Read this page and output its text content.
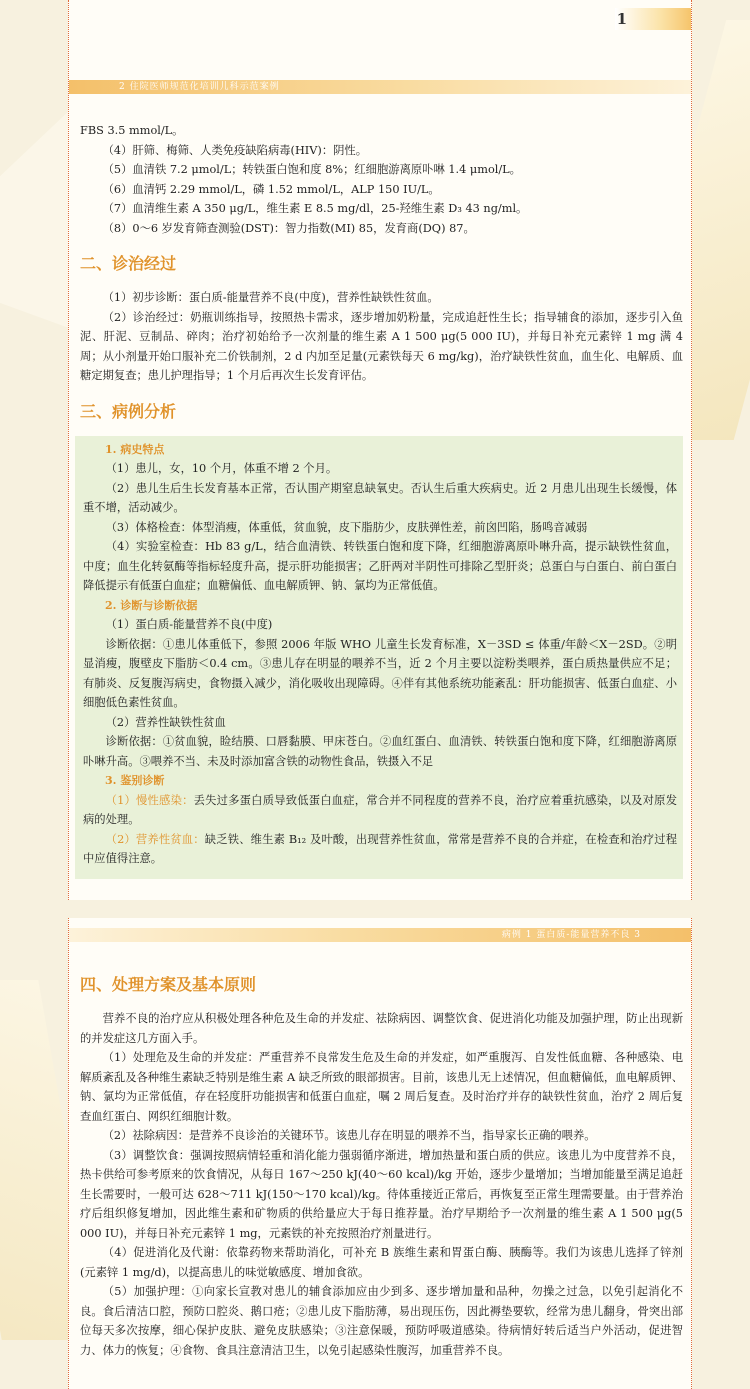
1
2 住院医师规范化培训儿科示范案例

FBS 3.5 mmol/L。

（4）肝筛、梅筛、人类免疫缺陷病毒(HIV)：阴性。

（5）血清铁 7.2 μmol/L；转铁蛋白饱和度 8%；红细胞游离原卟啉 1.4 μmol/L。

（6）血清钙 2.29 mmol/L，磷 1.52 mmol/L，ALP 150 IU/L。

（7）血清维生素 A 350 μg/L，维生素 E 8.5 mg/dl，25-羟维生素 D₃ 43 ng/ml。

（8）0～6 岁发育筛查测验(DST)：智力指数(MI) 85，发育商(DQ) 87。

二、诊治经过

（1）初步诊断：蛋白质-能量营养不良(中度)，营养性缺铁性贫血。

（2）诊治经过：奶瓶训练指导，按照热卡需求，逐步增加奶粉量，完成追赶性生长；指导辅食的添加，逐步引入鱼泥、肝泥、豆制品、碎肉；治疗初始给予一次剂量的维生素 A 1 500 μg(5 000 IU)，并每日补充元素锌 1 mg 满 4 周；从小剂量开始口服补充二价铁制剂，2 d 内加至足量(元素铁每天 6 mg/kg)，治疗缺铁性贫血，血生化、电解质、血糖定期复查；患儿护理指导；1 个月后再次生长发育评估。

三、病例分析

1. 病史特点

（1）患儿，女，10 个月，体重不增 2 个月。

（2）患儿生后生长发育基本正常，否认围产期窒息缺氧史。否认生后重大疾病史。近 2 月患儿出现生长缓慢，体重不增，活动减少。

（3）体格检查：体型消瘦，体重低，贫血貌，皮下脂肪少，皮肤弹性差，前囟凹陷，肠鸣音减弱

（4）实验室检查：Hb 83 g/L，结合血清铁、转铁蛋白饱和度下降，红细胞游离原卟啉升高，提示缺铁性贫血，中度；血生化转氨酶等指标轻度升高，提示肝功能损害；乙肝两对半阴性可排除乙型肝炎；总蛋白与白蛋白、前白蛋白降低提示有低蛋白血症；血糖偏低、血电解质钾、钠、氯均为正常低值。

2. 诊断与诊断依据

（1）蛋白质-能量营养不良(中度)

诊断依据：①患儿体重低下，参照 2006 年版 WHO 儿童生长发育标准，X－3SD ≤ 体重/年龄＜X－2SD。②明显消瘦，腹壁皮下脂肪＜0.4 cm。③患儿存在明显的喂养不当，近 2 个月主要以淀粉类喂养，蛋白质热量供应不足；有肺炎、反复腹泻病史，食物摄入减少，消化吸收出现障碍。④伴有其他系统功能紊乱：肝功能损害、低蛋白血症、小细胞低色素性贫血。

（2）营养性缺铁性贫血

诊断依据：①贫血貌，睑结膜、口唇黏膜、甲床苍白。②血红蛋白、血清铁、转铁蛋白饱和度下降，红细胞游离原卟啉升高。③喂养不当、未及时添加富含铁的动物性食品，铁摄入不足

3. 鉴别诊断

（1）慢性感染：丢失过多蛋白质导致低蛋白血症，常合并不同程度的营养不良，治疗应着重抗感染，以及对原发病的处理。

（2）营养性贫血：缺乏铁、维生素 B₁₂ 及叶酸，出现营养性贫血，常常是营养不良的合并症，在检查和治疗过程中应值得注意。

病例 1 蛋白质-能量营养不良 3
四、处理方案及基本原则

营养不良的治疗应从积极处理各种危及生命的并发症、祛除病因、调整饮食、促进消化功能及加强护理，防止出现新的并发症这几方面入手。

（1）处理危及生命的并发症：严重营养不良常发生危及生命的并发症，如严重腹泻、自发性低血糖、各种感染、电解质紊乱及各种维生素缺乏特别是维生素 A 缺乏所致的眼部损害。目前，该患儿无上述情况，但血糖偏低，血电解质钾、钠、氯均为正常低值，存在轻度肝功能损害和低蛋白血症，嘱 2 周后复查。及时治疗并存的缺铁性贫血，治疗 2 周后复查血红蛋白、网织红细胞计数。

（2）祛除病因：是营养不良诊治的关键环节。该患儿存在明显的喂养不当，指导家长正确的喂养。

（3）调整饮食：强调按照病情轻重和消化能力强弱循序渐进，增加热量和蛋白质的供应。该患儿为中度营养不良，热卡供给可参考原来的饮食情况，从每日 167～250 kJ(40～60 kcal)/kg 开始，逐步少量增加；当增加能量至满足追赶生长需要时，一般可达 628～711 kJ(150～170 kcal)/kg。待体重接近正常后，再恢复至正常生理需要量。由于营养治疗后组织修复增加，因此维生素和矿物质的供给量应大于每日推荐量。治疗早期给予一次剂量的维生素 A 1 500 μg(5 000 IU)，并每日补充元素锌 1 mg，元素铁的补充按照治疗剂量进行。

（4）促进消化及代谢：依靠药物来帮助消化，可补充 B 族维生素和胃蛋白酶、胰酶等。我们为该患儿选择了锌剂(元素锌 1 mg/d)，以提高患儿的味觉敏感度、增加食欲。

（5）加强护理：①向家长宣教对患儿的辅食添加应由少到多、逐步增加量和品种，勿操之过急，以免引起消化不良。食后清洁口腔，预防口腔炎、鹅口疮；②患儿皮下脂肪薄，易出现压伤，因此褥垫要软，经常为患儿翻身，骨突出部位每天多次按摩，细心保护皮肤、避免皮肤感染；③注意保暖，预防呼吸道感染。待病情好转后适当户外活动，促进智力、体力的恢复；④食物、食具注意清洁卫生，以免引起感染性腹泻，加重营养不良。
